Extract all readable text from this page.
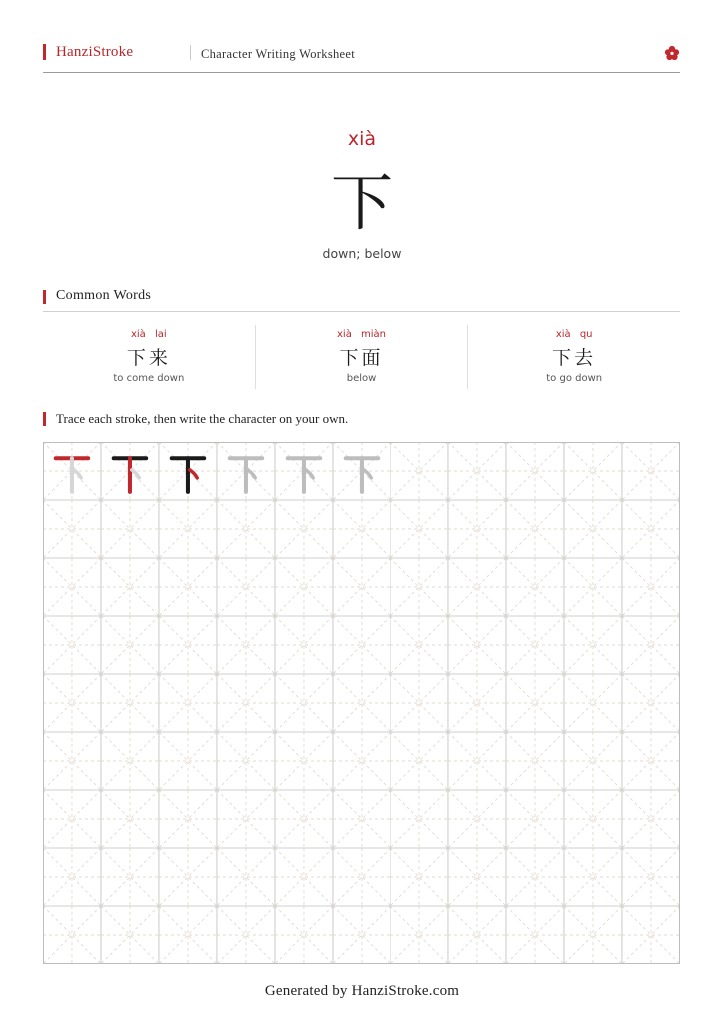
HanziStroke	Character Writing Worksheet
xià
下
down; below
Common Words
xià lai
下来
to come down
xià miàn
下面
below
xià qu
下去
to go down
Trace each stroke, then write the character on your own.
Generated by HanziStroke.com
